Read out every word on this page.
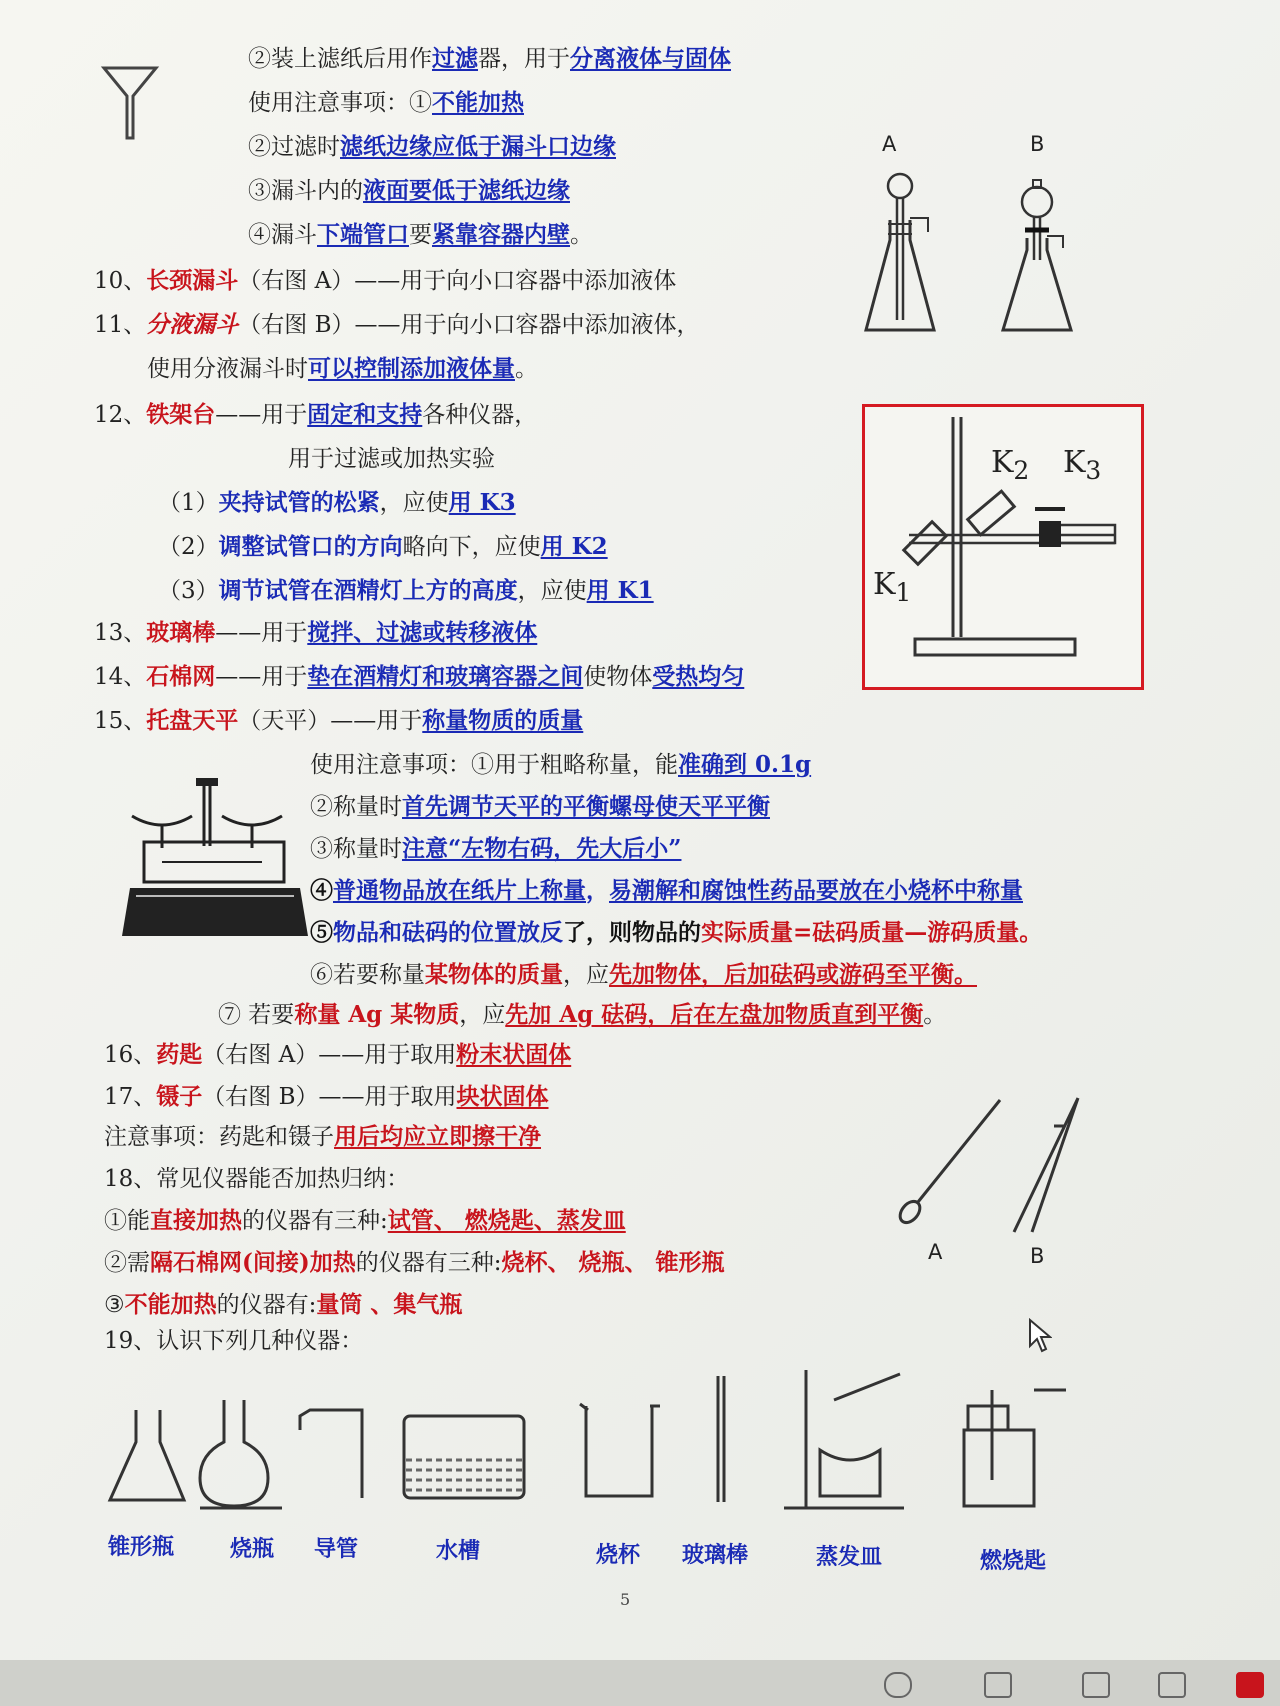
②装上滤纸后用作过滤器，用于分离液体与固体
使用注意事项：①不能加热
②过滤时滤纸边缘应低于漏斗口边缘
③漏斗内的液面要低于滤纸边缘
④漏斗下端管口要紧靠容器内壁。
A	B
10、长颈漏斗（右图 A）——用于向小口容器中添加液体
11、分液漏斗（右图 B）——用于向小口容器中添加液体，
使用分液漏斗时可以控制添加液体量。
12、铁架台——用于固定和支持各种仪器，
用于过滤或加热实验
（1）夹持试管的松紧，应使用 K3
（2）调整试管口的方向略向下，应使用 K2
（3）调节试管在酒精灯上方的高度，应使用 K1
$K_2$ $K_3$
$K_1$
13、玻璃棒——用于搅拌、过滤或转移液体
14、石棉网——用于垫在酒精灯和玻璃容器之间使物体受热均匀
15、托盘天平（天平）——用于称量物质的质量
使用注意事项：①用于粗略称量，能准确到 0.1g
②称量时首先调节天平的平衡螺母使天平平衡
③称量时注意“左物右码，先大后小”
④普通物品放在纸片上称量，易潮解和腐蚀性药品要放在小烧杯中称量
⑤物品和砝码的位置放反了，则物品的实际质量=砝码质量—游码质量。
⑥若要称量某物体的质量，应先加物体，后加砝码或游码至平衡。
⑦ 若要称量 Ag 某物质，应先加 Ag 砝码，后在左盘加物质直到平衡。
16、药匙（右图 A）——用于取用粉末状固体
17、镊子（右图 B）——用于取用块状固体
注意事项：药匙和镊子用后均应立即擦干净
A	B
18、常见仪器能否加热归纳：
①能直接加热的仪器有三种:试管、 燃烧匙、蒸发皿
②需隔石棉网(间接)加热的仪器有三种:烧杯、 烧瓶、 锥形瓶
③不能加热的仪器有:量筒 、集气瓶
19、认识下列几种仪器：
锥形瓶	烧瓶 导管	水槽	烧杯 玻璃棒	蒸发皿	燃烧匙
5
